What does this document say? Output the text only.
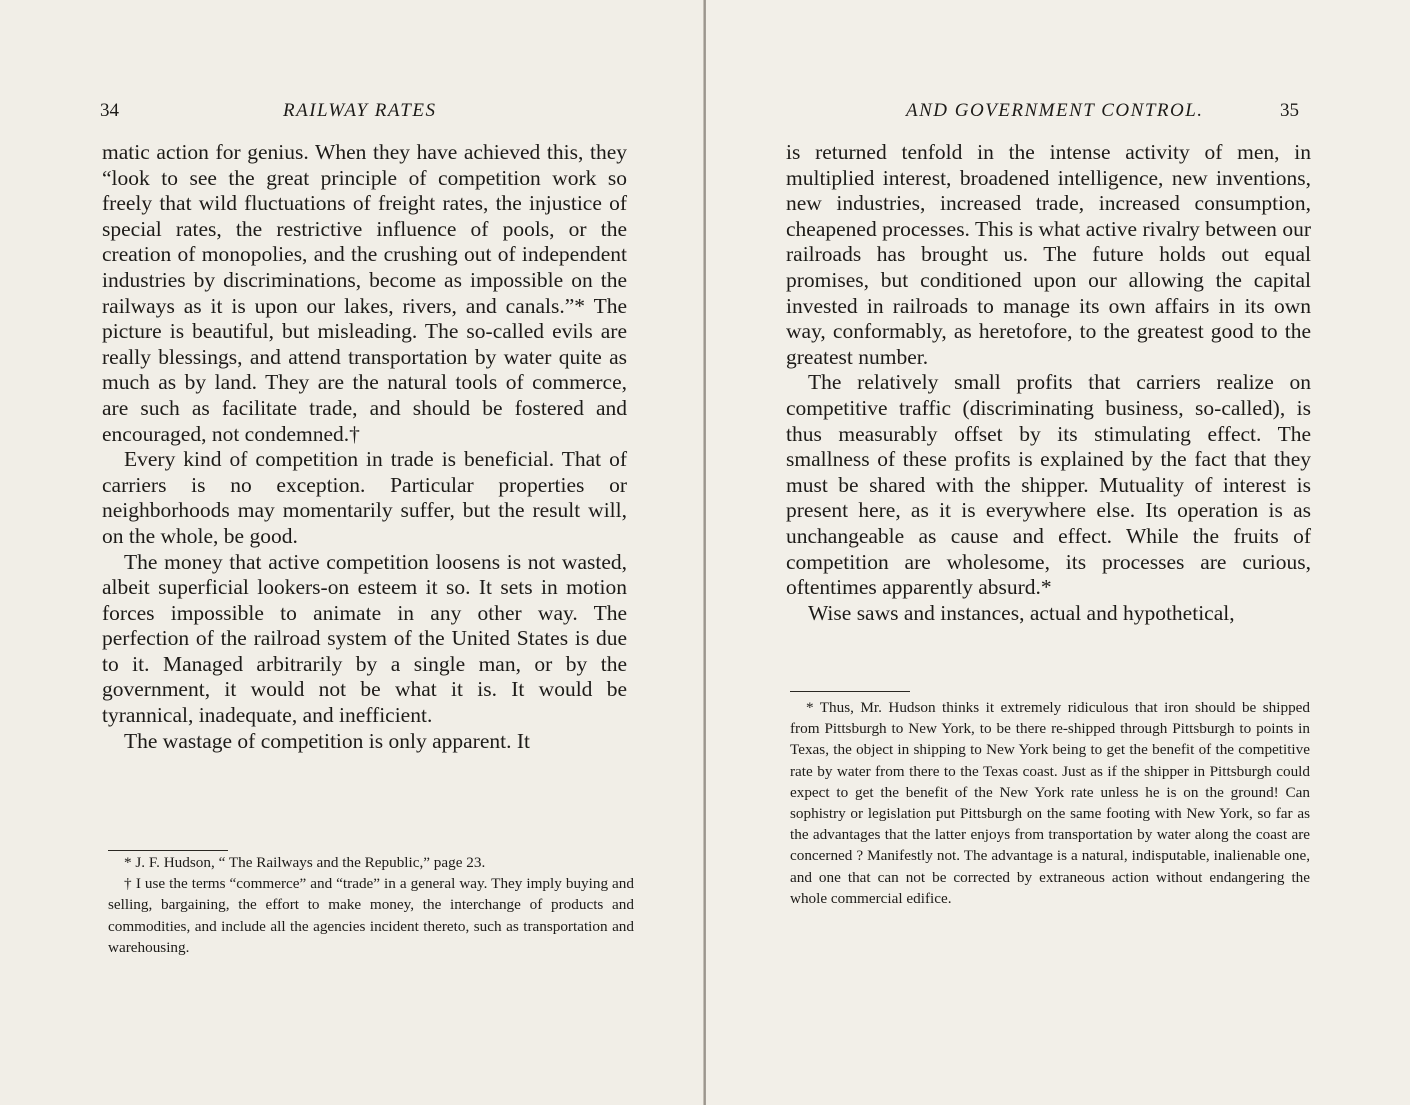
34	RAILWAY RATES

matic action for genius. When they have achieved this, they “look to see the great principle of competition work so freely that wild fluctuations of freight rates, the injustice of special rates, the restrictive influence of pools, or the creation of monopolies, and the crushing out of independent industries by discriminations, become as impossible on the railways as it is upon our lakes, rivers, and canals.”* The picture is beautiful, but misleading. The so-called evils are really blessings, and attend transportation by water quite as much as by land. They are the natural tools of commerce, are such as facilitate trade, and should be fostered and encouraged, not condemned.†

Every kind of competition in trade is beneficial. That of carriers is no exception. Particular properties or neighborhoods may momentarily suffer, but the result will, on the whole, be good.

The money that active competition loosens is not wasted, albeit superficial lookers-on esteem it so. It sets in motion forces impossible to animate in any other way. The perfection of the railroad system of the United States is due to it. Managed arbitrarily by a single man, or by the government, it would not be what it is. It would be tyrannical, inadequate, and inefficient.

The wastage of competition is only apparent. It

* J. F. Hudson, “ The Railways and the Republic,” page 23.

† I use the terms “commerce” and “trade” in a general way. They imply buying and selling, bargaining, the effort to make money, the interchange of products and commodities, and include all the agencies incident thereto, such as transportation and warehousing.

AND GOVERNMENT CONTROL.	35

is returned tenfold in the intense activity of men, in multiplied interest, broadened intelligence, new inventions, new industries, increased trade, increased consumption, cheapened processes. This is what active rivalry between our railroads has brought us. The future holds out equal promises, but conditioned upon our allowing the capital invested in railroads to manage its own affairs in its own way, conformably, as heretofore, to the greatest good to the greatest number.

The relatively small profits that carriers realize on competitive traffic (discriminating business, so-called), is thus measurably offset by its stimulating effect. The smallness of these profits is explained by the fact that they must be shared with the shipper. Mutuality of interest is present here, as it is everywhere else. Its operation is as unchangeable as cause and effect. While the fruits of competition are wholesome, its processes are curious, oftentimes apparently absurd.*

Wise saws and instances, actual and hypothetical,

* Thus, Mr. Hudson thinks it extremely ridiculous that iron should be shipped from Pittsburgh to New York, to be there re-shipped through Pittsburgh to points in Texas, the object in shipping to New York being to get the benefit of the competitive rate by water from there to the Texas coast. Just as if the shipper in Pittsburgh could expect to get the benefit of the New York rate unless he is on the ground! Can sophistry or legislation put Pittsburgh on the same footing with New York, so far as the advantages that the latter enjoys from transportation by water along the coast are concerned ? Manifestly not. The advantage is a natural, indisputable, inalienable one, and one that can not be corrected by extraneous action without endangering the whole commercial edifice.
